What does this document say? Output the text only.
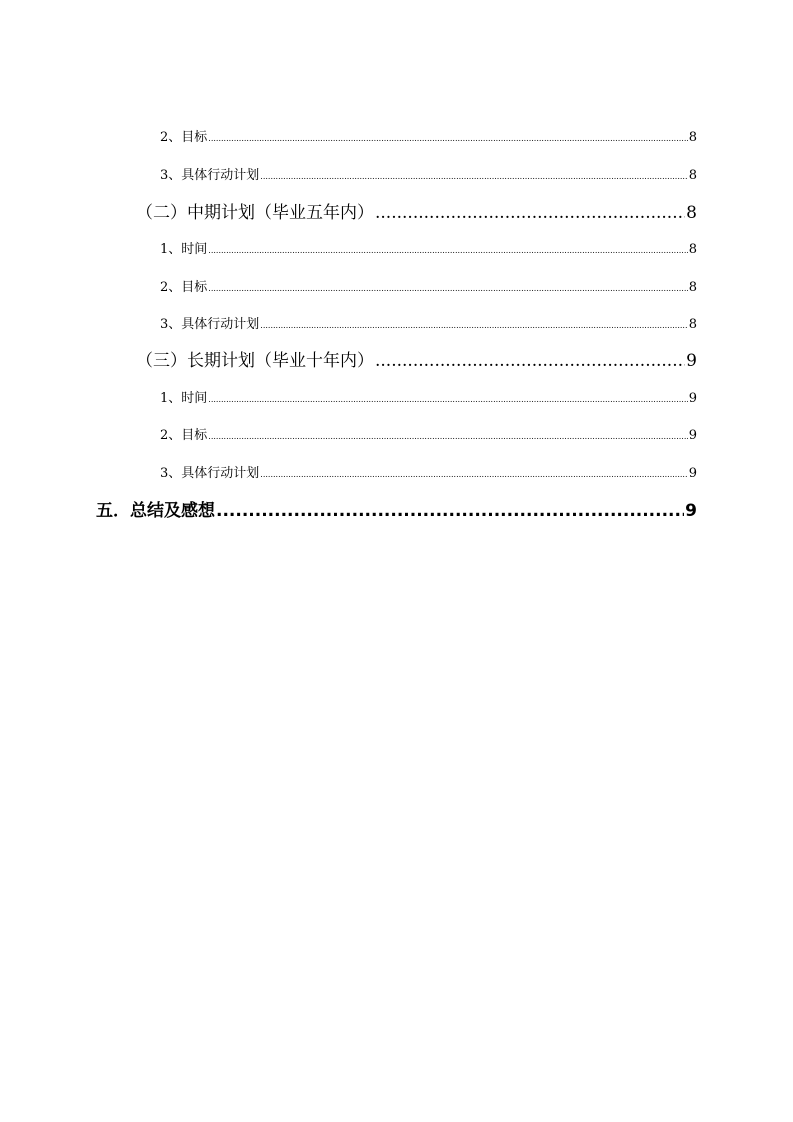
2、目标 .....	8
3、具体行动计划 .....	8
（二）中期计划（毕业五年内） .....	8
1、时间 .....	8
2、目标 .....	8
3、具体行动计划 .....	8
（三）长期计划（毕业十年内） .....	9
1、时间 .....	9
2、目标 .....	9
3、具体行动计划 .....	9
五．总结及感想 .....	9
